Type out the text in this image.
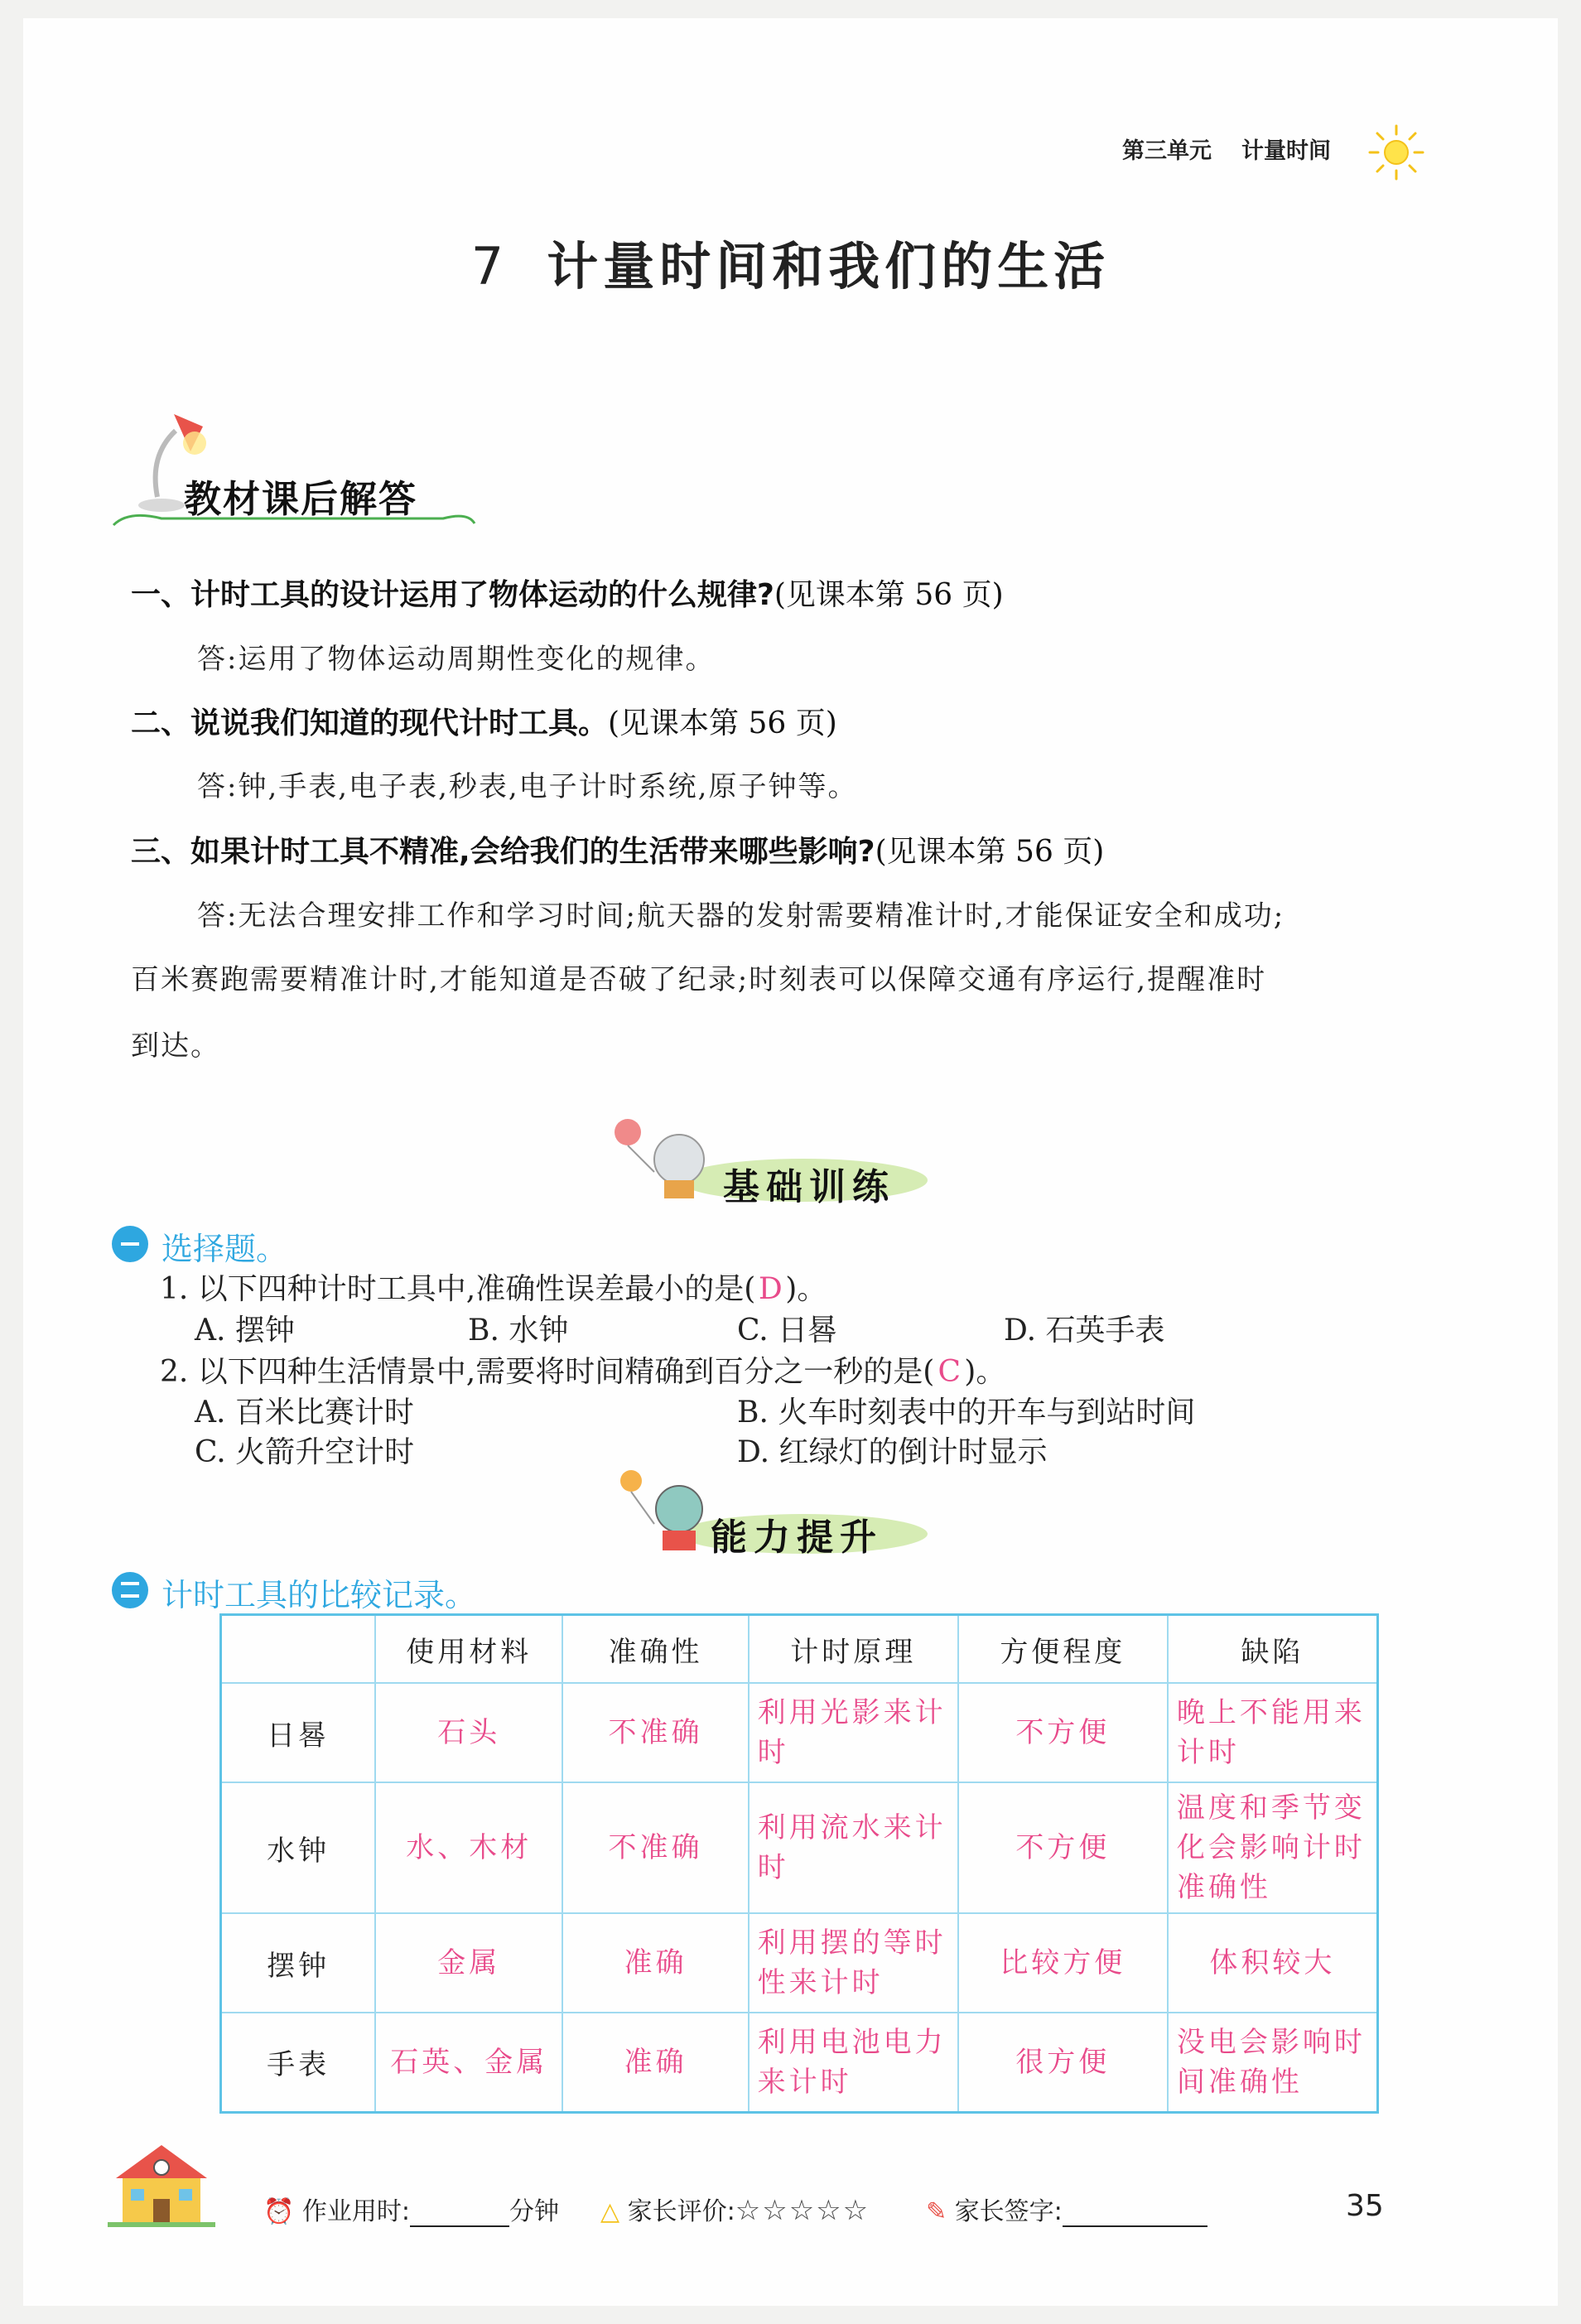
第三单元 计量时间
7 计量时间和我们的生活
教材课后解答
一、计时工具的设计运用了物体运动的什么规律?(见课本第 56 页)
答:运用了物体运动周期性变化的规律。
二、说说我们知道的现代计时工具。(见课本第 56 页)
答:钟,手表,电子表,秒表,电子计时系统,原子钟等。
三、如果计时工具不精准,会给我们的生活带来哪些影响?(见课本第 56 页)
答:无法合理安排工作和学习时间;航天器的发射需要精准计时,才能保证安全和成功;
百米赛跑需要精准计时,才能知道是否破了纪录;时刻表可以保障交通有序运行,提醒准时
到达。
基础训练
选择题。
1. 以下四种计时工具中,准确性误差最小的是(D)。
A. 摆钟	B. 水钟	C. 日晷	D. 石英手表
2. 以下四种生活情景中,需要将时间精确到百分之一秒的是( C )。
A. 百米比赛计时	B. 火车时刻表中的开车与到站时间
C. 火箭升空计时	D. 红绿灯的倒计时显示
能力提升
计时工具的比较记录。
	使用材料	准确性	计时原理	方便程度	缺陷
日晷	石头	不准确	利用光影来计时	不方便	晚上不能用来计时
水钟	水、木材	不准确	利用流水来计时	不方便	温度和季节变化会影响计时准确性
摆钟	金属	准确	利用摆的等时性来计时	比较方便	体积较大
手表	石英、金属	准确	利用电池电力来计时	很方便	没电会影响时间准确性
⏰ 作业用时:	分钟 △ 家长评价:☆☆☆☆☆ ✎ 家长签字:	35
